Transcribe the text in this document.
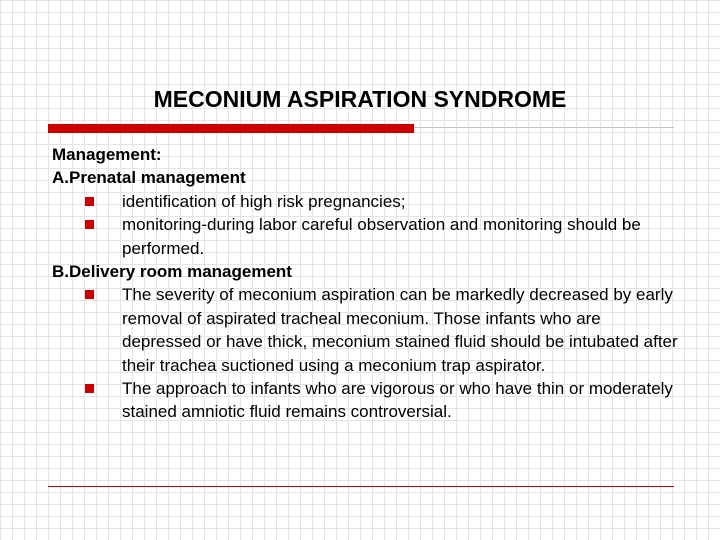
MECONIUM ASPIRATION SYNDROME
Management:
A.Prenatal management
identification of high risk pregnancies;
monitoring-during labor careful observation and monitoring should be performed.
B.Delivery room management
The severity of meconium aspiration can be markedly decreased by early removal of aspirated tracheal meconium. Those infants who are depressed or have thick, meconium stained fluid should be intubated after their trachea suctioned using a meconium trap aspirator.
The approach to infants who are vigorous or who have thin or moderately stained amniotic fluid remains controversial.
